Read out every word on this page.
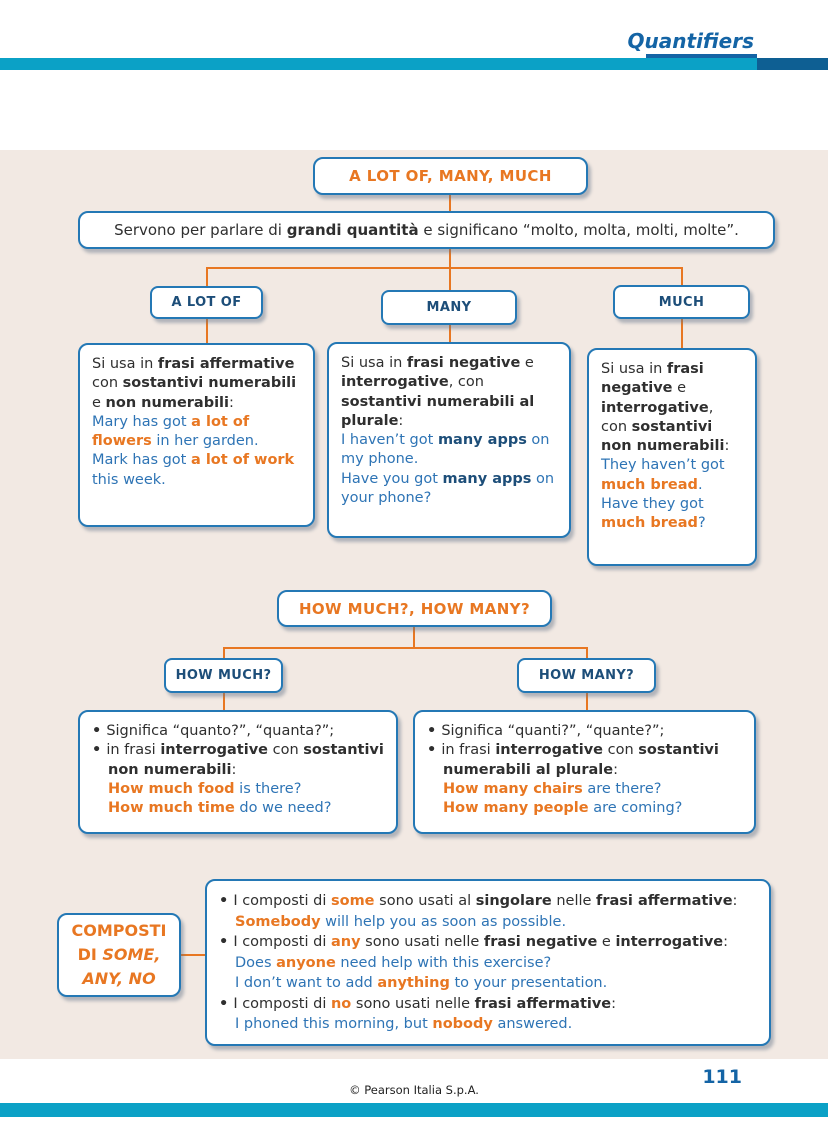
Quantifiers
A LOT OF, MANY, MUCH
Servono per parlare di grandi quantità e significano “molto, molta, molti, molte”.
A LOT OF	MANY	MUCH
Si usa in frasi affermative con sostantivi numerabili e non numerabili:
Mary has got a lot of flowers in her garden.
Mark has got a lot of work this week.
Si usa in frasi negative e interrogative, con sostantivi numerabili al plurale:
I haven’t got many apps on my phone.
Have you got many apps on your phone?
Si usa in frasi negative e interrogative, con sostantivi non numerabili:
They haven’t got much bread.
Have they got much bread?
HOW MUCH?, HOW MANY?
HOW MUCH?	HOW MANY?
• Significa “quanto?”, “quanta?”;
• in frasi interrogative con sostantivi non numerabili:
How much food is there?
How much time do we need?
• Significa “quanti?”, “quante?”;
• in frasi interrogative con sostantivi numerabili al plurale:
How many chairs are there?
How many people are coming?
COMPOSTI
DI SOME,
ANY, NO
• I composti di some sono usati al singolare nelle frasi affermative:
Somebody will help you as soon as possible.
• I composti di any sono usati nelle frasi negative e interrogative:
Does anyone need help with this exercise?
I don’t want to add anything to your presentation.
• I composti di no sono usati nelle frasi affermative:
I phoned this morning, but nobody answered.
111
© Pearson Italia S.p.A.
